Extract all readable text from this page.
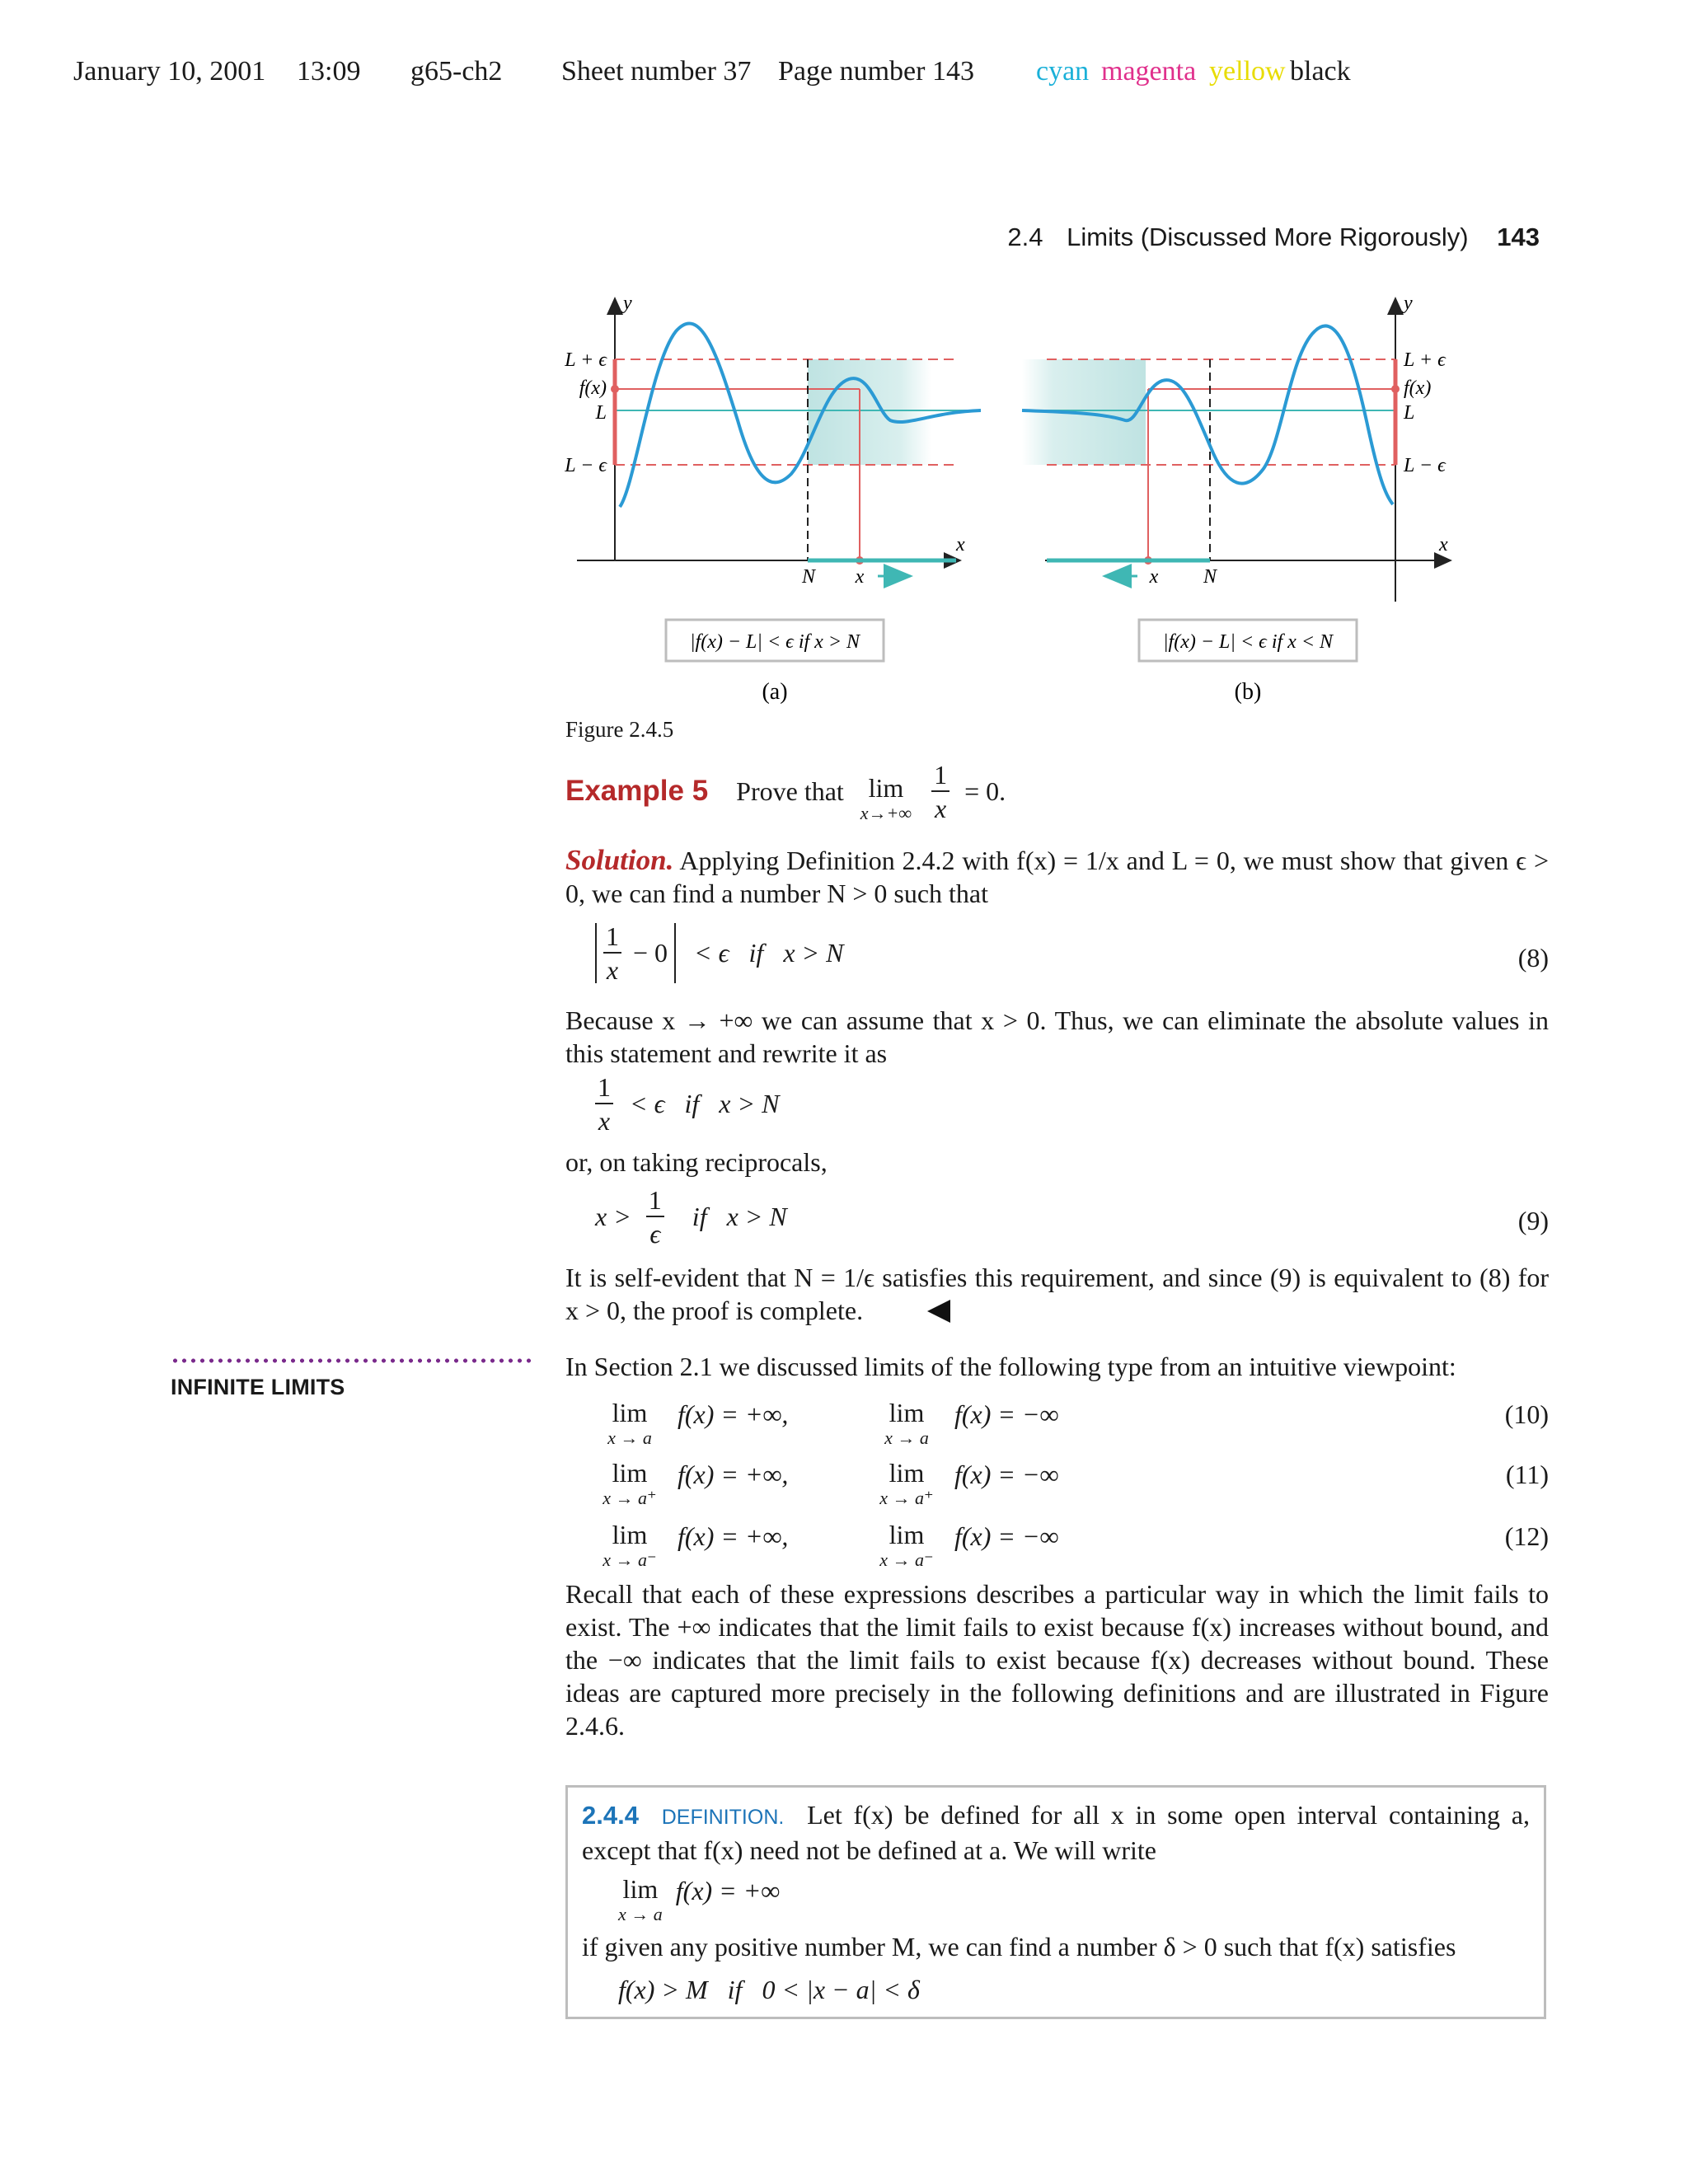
January 10, 2001 13:09 g65-ch2 Sheet number 37 Page number 143 cyan magenta yellow black
2.4 Limits (Discussed More Rigorously) 143
y
x
L + ϵ
f(x)
L
L − ϵ
N x
|f(x) − L| < ϵ if x > N
(a)
y
x
L + ϵ
f(x)
L
L − ϵ
N
x
|f(x) − L| < ϵ if x < N
(b)
Figure 2.4.5
Example 5 Prove that lim
x→+∞
$\frac{1}{x} = 0$.
Solution. Applying Definition 2.4.2 with f(x) = 1/x and L = 0, we must show that given ϵ > 0, we can find a number N > 0 such that
$\frac{1}{x} - 0 < \epsilon$   if   x > N	(8)
Because x → +∞ we can assume that x > 0. Thus, we can eliminate the absolute values in this statement and rewrite it as
$\frac{1}{x} < \epsilon$   if   x > N
or, on taking reciprocals,
$x > \frac{1}{\epsilon}$ if   x > N	(9)
It is self-evident that N = 1/ϵ satisfies this requirement, and since (9) is equivalent to (8) for x > 0, the proof is complete.
INFINITE LIMITS
In Section 2.1 we discussed limits of the following type from an intuitive viewpoint:
lim
x → a
f(x) = +∞,	lim
x → a
f(x) = −∞	(10)
lim
x → a⁺
f(x) = +∞,	lim
x → a⁺
f(x) = −∞	(11)
lim
x → a⁻
f(x) = +∞,	lim
x → a⁻
f(x) = −∞	(12)
Recall that each of these expressions describes a particular way in which the limit fails to exist. The +∞ indicates that the limit fails to exist because f(x) increases without bound, and the −∞ indicates that the limit fails to exist because f(x) decreases without bound. These ideas are captured more precisely in the following definitions and are illustrated in Figure 2.4.6.
2.4.4 DEFINITION. Let f(x) be defined for all x in some open interval containing a, except that f(x) need not be defined at a. We will write
lim
x → a
f(x) = +∞
if given any positive number M, we can find a number δ > 0 such that f(x) satisfies
f(x) > M   if   0 < |x − a| < δ
